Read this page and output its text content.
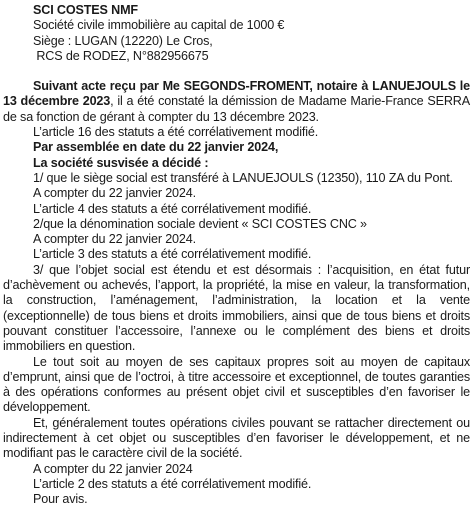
SCI COSTES NMF
Société civile immobilière au capital de 1000 €
Siège : LUGAN (12220) Le Cros,
RCS de RODEZ, N°882956675

Suivant acte reçu par Me SEGONDS-FROMENT, notaire à LANUEJOULS le 13 décembre 2023, il a été constaté la démission de Madame Marie-France SERRA de sa fonction de gérant à compter du 13 décembre 2023.

L’article 16 des statuts a été corrélativement modifié.
Par assemblée en date du 22 janvier 2024,
La société susvisée a décidé :
1/ que le siège social est transféré à LANUEJOULS (12350), 110 ZA du Pont.
A compter du 22 janvier 2024.
L’article 4 des statuts a été corrélativement modifié.
2/que la dénomination sociale devient « SCI COSTES CNC »
A compter du 22 janvier 2024.
L’article 3 des statuts a été corrélativement modifié.

3/ que l’objet social est étendu et est désormais : l’acquisition, en état futur d’achèvement ou achevés, l’apport, la propriété, la mise en valeur, la transformation, la construction, l’aménagement, l’administration, la location et la vente (exceptionnelle) de tous biens et droits immobiliers, ainsi que de tous biens et droits pouvant constituer l’accessoire, l’annexe ou le complément des biens et droits immobiliers en question.

Le tout soit au moyen de ses capitaux propres soit au moyen de capitaux d’emprunt, ainsi que de l’octroi, à titre accessoire et exceptionnel, de toutes garanties à des opérations conformes au présent objet civil et susceptibles d’en favoriser le développement.

Et, généralement toutes opérations civiles pouvant se rattacher directement ou indirectement à cet objet ou susceptibles d’en favoriser le développement, et ne modifiant pas le caractère civil de la société.

A compter du 22 janvier 2024
L’article 2 des statuts a été corrélativement modifié.
Pour avis.
